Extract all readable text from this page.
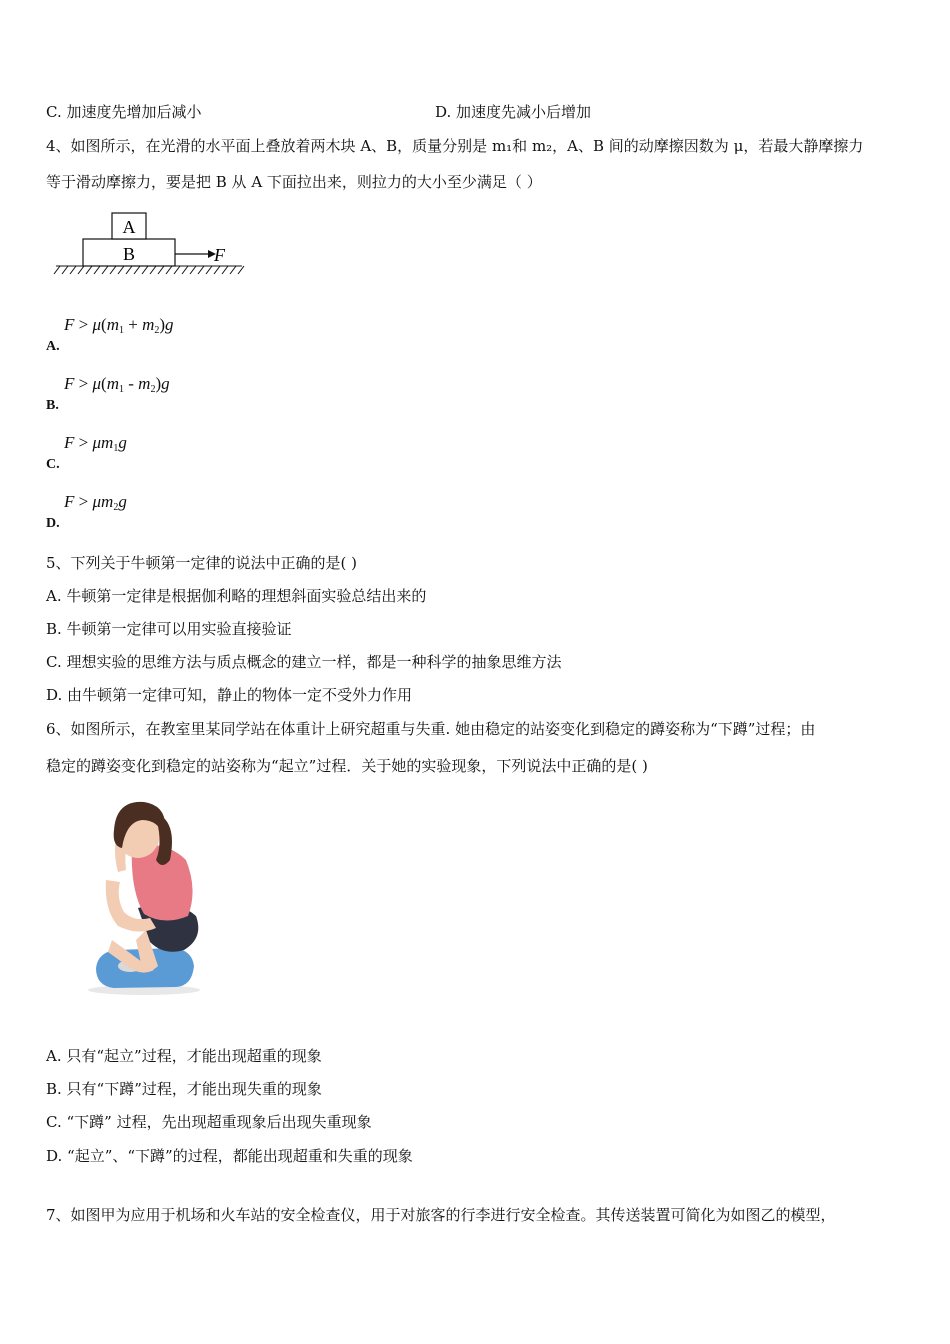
C. 加速度先增加后减小	D. 加速度先减小后增加
4、如图所示，在光滑的水平面上叠放着两木块 A、B，质量分别是 m₁和 m₂，A、B 间的动摩擦因数为 μ，若最大静摩擦力
等于滑动摩擦力，要是把 B 从 A 下面拉出来，则拉力的大小至少满足（ ）
A
B	F
A.
$F > \mu(m_1 + m_2)g$
B.
$F > \mu(m_1 - m_2)g$
C.
$F > \mu m_1g$
D.
$F > \mu m_2g$
5、下列关于牛顿第一定律的说法中正确的是( )
A. 牛顿第一定律是根据伽利略的理想斜面实验总结出来的
B. 牛顿第一定律可以用实验直接验证
C. 理想实验的思维方法与质点概念的建立一样，都是一种科学的抽象思维方法
D. 由牛顿第一定律可知，静止的物体一定不受外力作用
6、如图所示，在教室里某同学站在体重计上研究超重与失重. 她由稳定的站姿变化到稳定的蹲姿称为“下蹲”过程；由
稳定的蹲姿变化到稳定的站姿称为“起立”过程．关于她的实验现象，下列说法中正确的是( )
A. 只有“起立”过程，才能出现超重的现象
B. 只有“下蹲”过程，才能出现失重的现象
C. “下蹲” 过程，先出现超重现象后出现失重现象
D. “起立”、“下蹲”的过程，都能出现超重和失重的现象
7、如图甲为应用于机场和火车站的安全检查仪，用于对旅客的行李进行安全检查。其传送装置可简化为如图乙的模型，
